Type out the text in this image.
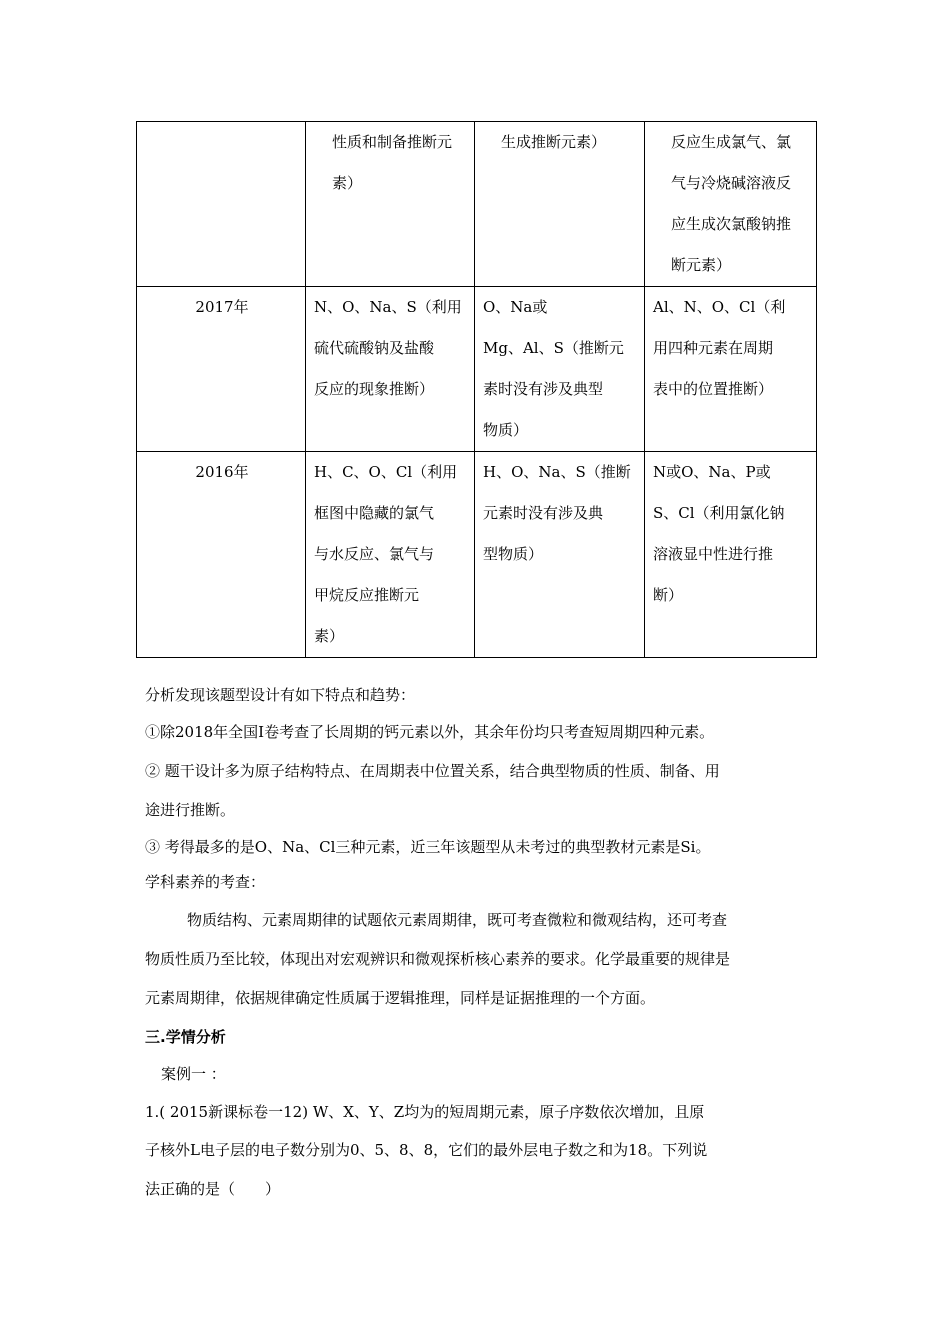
	性质和制备推断元
素）	生成推断元素）	反应生成氯气、氯
气与冷烧碱溶液反
应生成次氯酸钠推
断元素）

2017年	N、O、Na、S（利用
硫代硫酸钠及盐酸
反应的现象推断）	O、Na或
Mg、Al、S（推断元
素时没有涉及典型
物质）	Al、N、O、Cl（利
用四种元素在周期
表中的位置推断）

2016年	H、C、O、Cl（利用
框图中隐藏的氯气
与水反应、氯气与
甲烷反应推断元
素）	H、O、Na、S（推断
元素时没有涉及典
型物质）	N或O、Na、P或
S、Cl（利用氯化钠
溶液显中性进行推
断）
分析发现该题型设计有如下特点和趋势：
①除2018年全国Ⅰ卷考查了长周期的钙元素以外，其余年份均只考查短周期四种元素。
② 题干设计多为原子结构特点、在周期表中位置关系，结合典型物质的性质、制备、用
途进行推断。
③ 考得最多的是O、Na、Cl三种元素，近三年该题型从未考过的典型教材元素是Si。
学科素养的考查：
物质结构、元素周期律的试题依元素周期律，既可考查微粒和微观结构，还可考查
物质性质乃至比较，体现出对宏观辨识和微观探析核心素养的要求。化学最重要的规律是
元素周期律，依据规律确定性质属于逻辑推理，同样是证据推理的一个方面。
三.学情分析
案例一 ：
1.( 2015新课标卷一12) W、X、Y、Z均为的短周期元素，原子序数依次增加，且原
子核外L电子层的电子数分别为0、5、8、8，它们的最外层电子数之和为18。下列说
法正确的是（　　）
